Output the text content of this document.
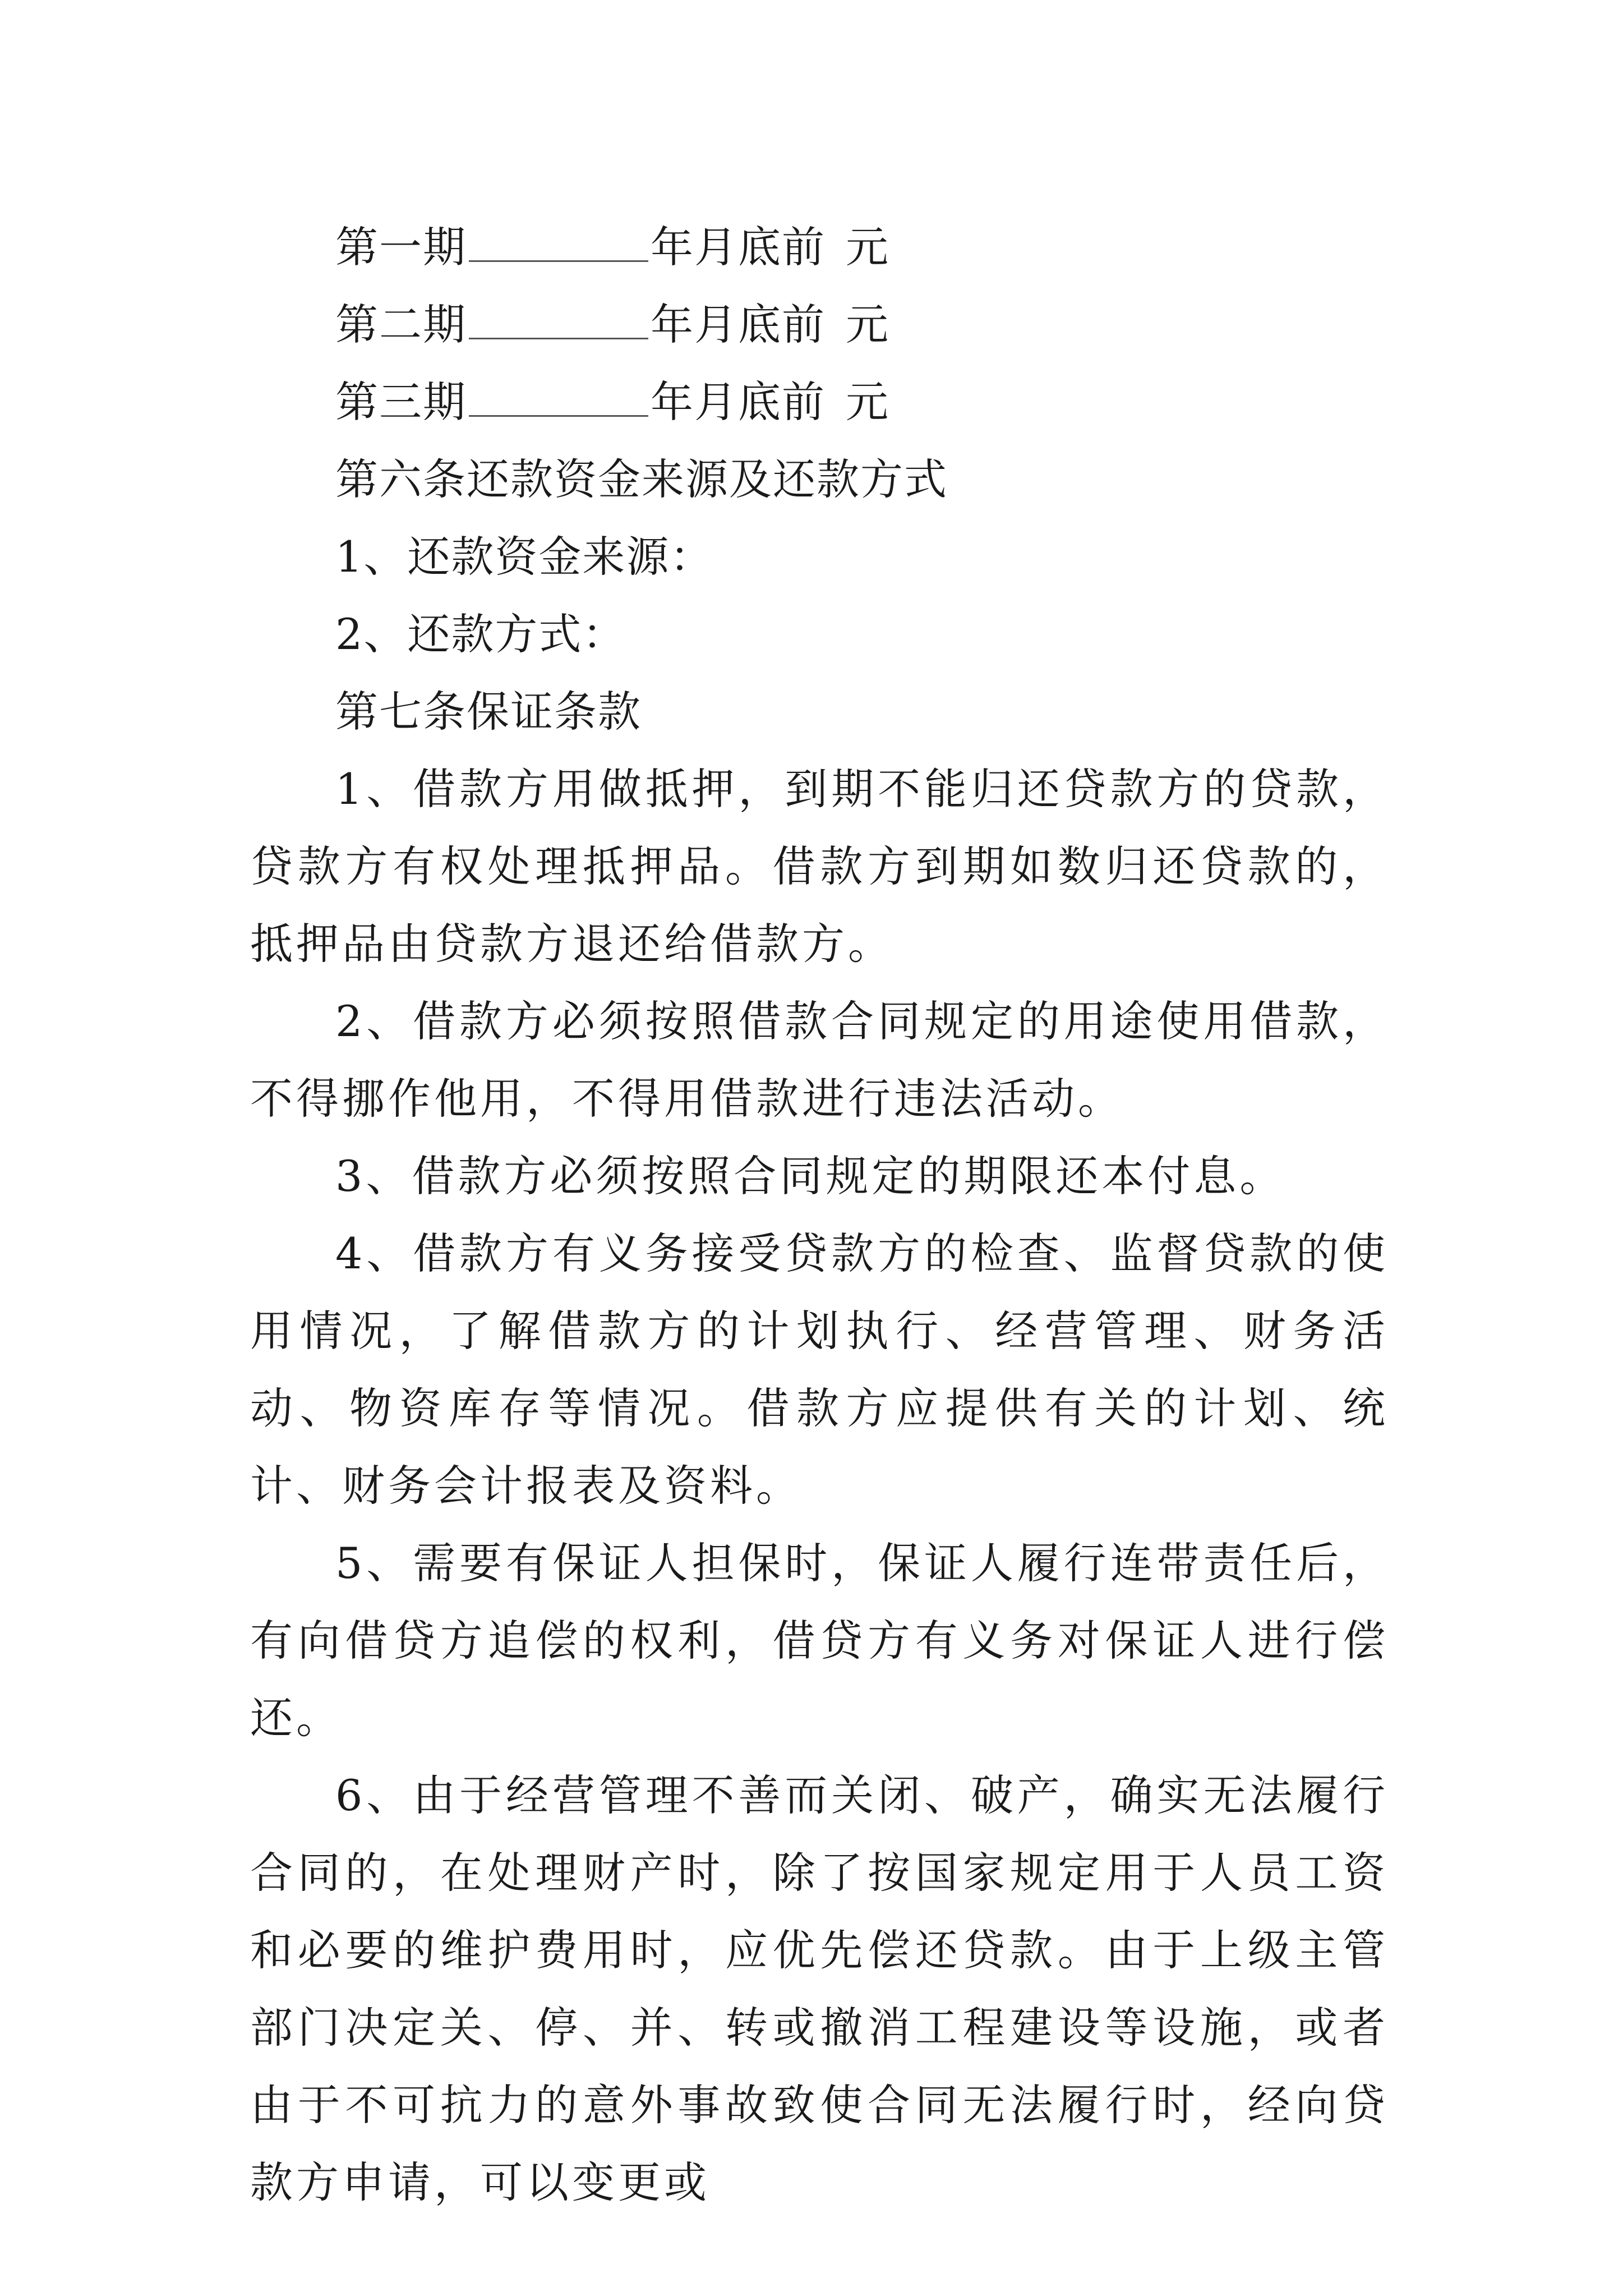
第一期	年月底前 元

第二期	年月底前 元

第三期	年月底前 元

第六条还款资金来源及还款方式

1、还款资金来源：

2、还款方式：

第七条保证条款

1、借款方用做抵押，到期不能归还贷款方的贷款，贷款方有权处理抵押品。借款方到期如数归还贷款的，抵押品由贷款方退还给借款方。

2、借款方必须按照借款合同规定的用途使用借款，不得挪作他用，不得用借款进行违法活动。

3、借款方必须按照合同规定的期限还本付息。

4、借款方有义务接受贷款方的检查、监督贷款的使用情况，了解借款方的计划执行、经营管理、财务活动、物资库存等情况。借款方应提供有关的计划、统计、财务会计报表及资料。

5、需要有保证人担保时，保证人履行连带责任后，有向借贷方追偿的权利，借贷方有义务对保证人进行偿还。

6、由于经营管理不善而关闭、破产，确实无法履行合同的，在处理财产时，除了按国家规定用于人员工资和必要的维护费用时，应优先偿还贷款。由于上级主管部门决定关、停、并、转或撤消工程建设等设施，或者由于不可抗力的意外事故致使合同无法履行时，经向贷款方申请，可以变更或
